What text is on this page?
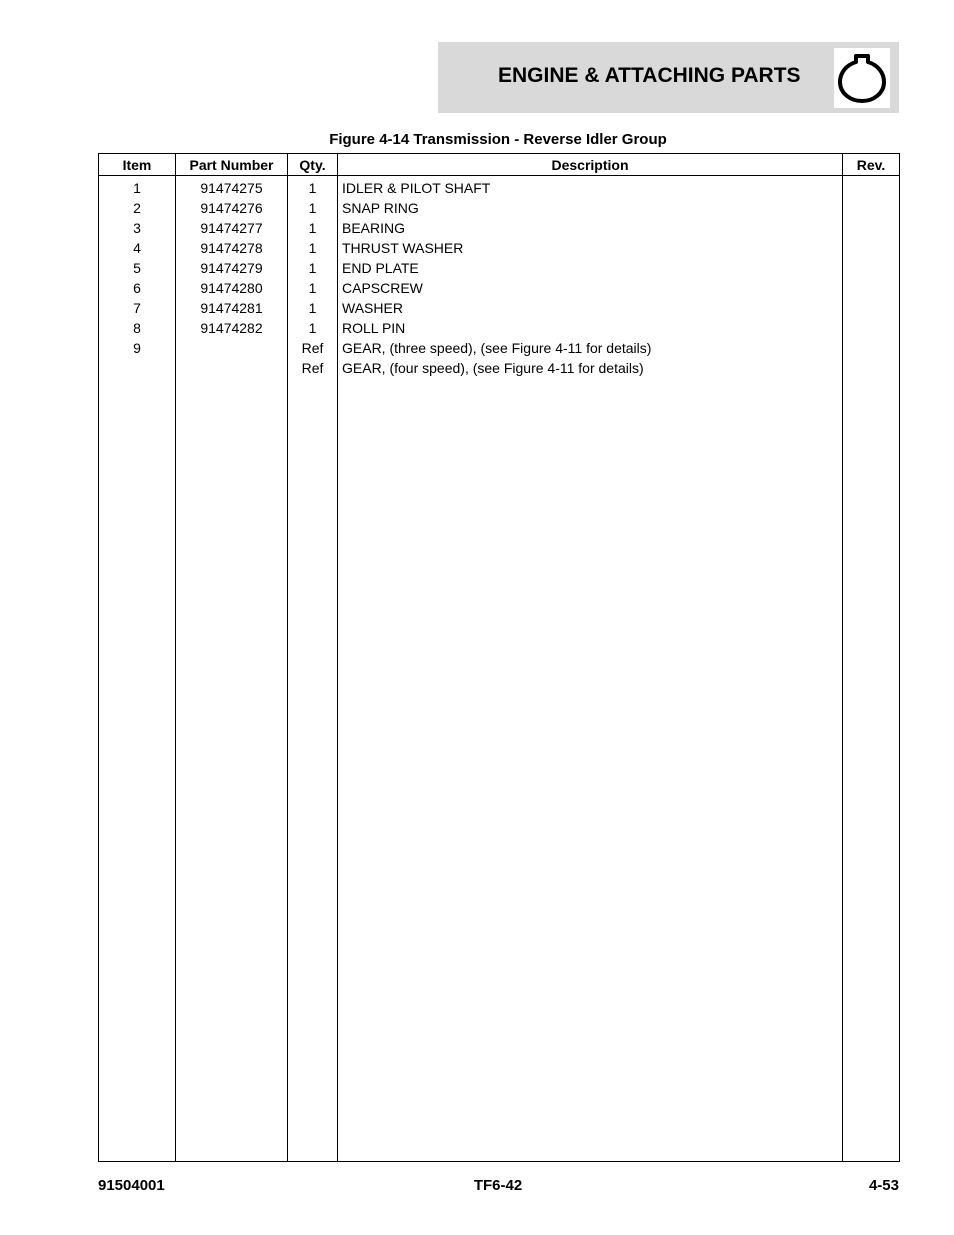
ENGINE & ATTACHING PARTS
Figure 4-14 Transmission - Reverse Idler Group
Item	Part Number	Qty.	Description	Rev.
1	91474275	1	IDLER & PILOT SHAFT	
2	91474276	1	SNAP RING	
3	91474277	1	BEARING	
4	91474278	1	THRUST WASHER	
5	91474279	1	END PLATE	
6	91474280	1	CAPSCREW	
7	91474281	1	WASHER	
8	91474282	1	ROLL PIN	
9		Ref	GEAR, (three speed), (see Figure 4-11 for details)	
		Ref	GEAR, (four speed), (see Figure 4-11 for details)	

91504001	TF6-42	4-53
